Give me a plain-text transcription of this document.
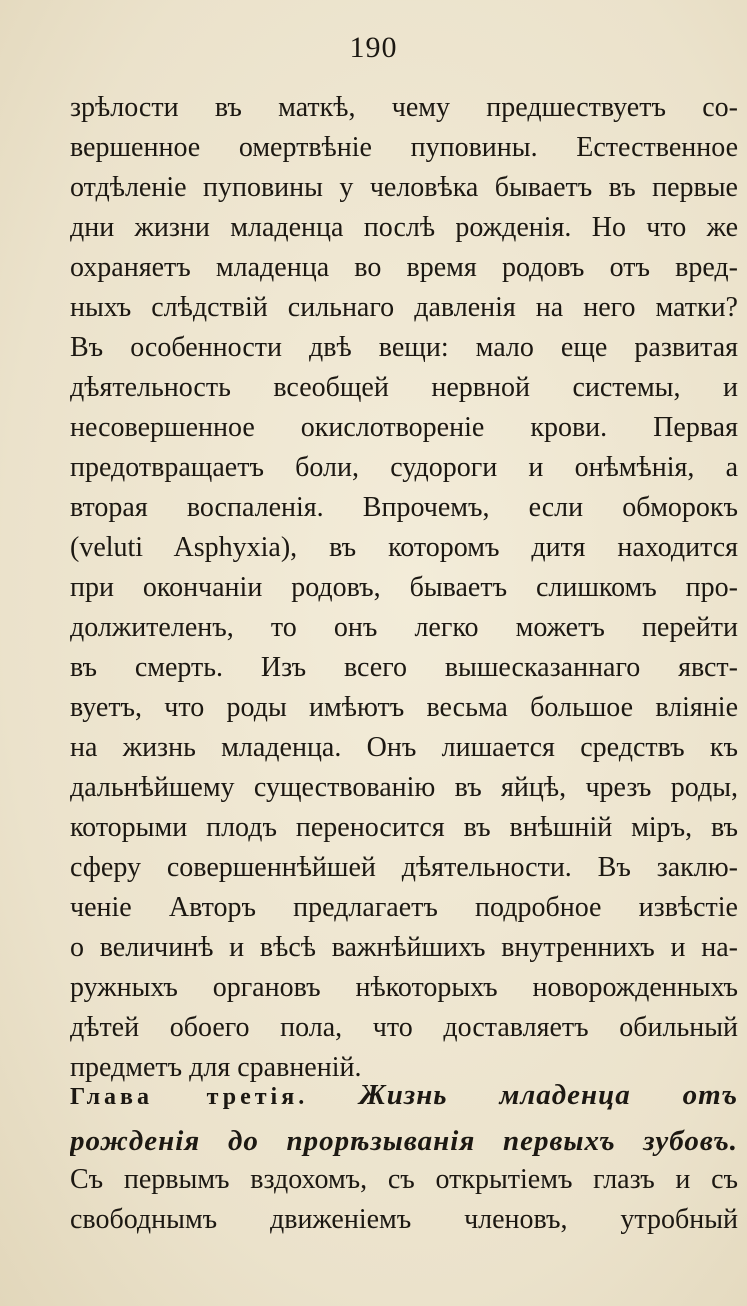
190
зрѣлости въ маткѣ, чему предшествуетъ со-
вершенное омертвѣніе пуповины. Естественное
отдѣленіе пуповины у человѣка бываетъ въ первые
дни жизни младенца послѣ рожденія. Но что же
охраняетъ младенца во время родовъ отъ вред-
ныхъ слѣдствій сильнаго давленія на него матки?
Въ особенности двѣ вещи: мало еще развитая
дѣятельность всеобщей нервной системы, и
несовершенное окислотвореніе крови. Первая
предотвращаетъ боли, судороги и онѣмѣнія, а
вторая воспаленія. Впрочемъ, если обморокъ
(veluti Asphyxia), въ которомъ дитя находится
при окончаніи родовъ, бываетъ слишкомъ про-
должителенъ, то онъ легко можетъ перейти
въ смерть. Изъ всего вышесказаннаго явст-
вуетъ, что роды имѣютъ весьма большое вліяніе
на жизнь младенца. Онъ лишается средствъ къ
дальнѣйшему существованію въ яйцѣ, чрезъ роды,
которыми плодъ переносится въ внѣшній міръ, въ
сферу совершеннѣйшей дѣятельности. Въ заклю-
ченіе Авторъ предлагаетъ подробное извѣстіе
о величинѣ и вѣсѣ важнѣйшихъ внутреннихъ и на-
ружныхъ органовъ нѣкоторыхъ новорожденныхъ
дѣтей обоего пола, что доставляетъ обильный
предметъ для сравненій.
Глава третія. Жизнь младенца отъ
рожденія до прорѣзыванія первыхъ зубовъ.
Съ первымъ вздохомъ, съ открытіемъ глазъ и съ
свободнымъ движеніемъ членовъ, утробный
